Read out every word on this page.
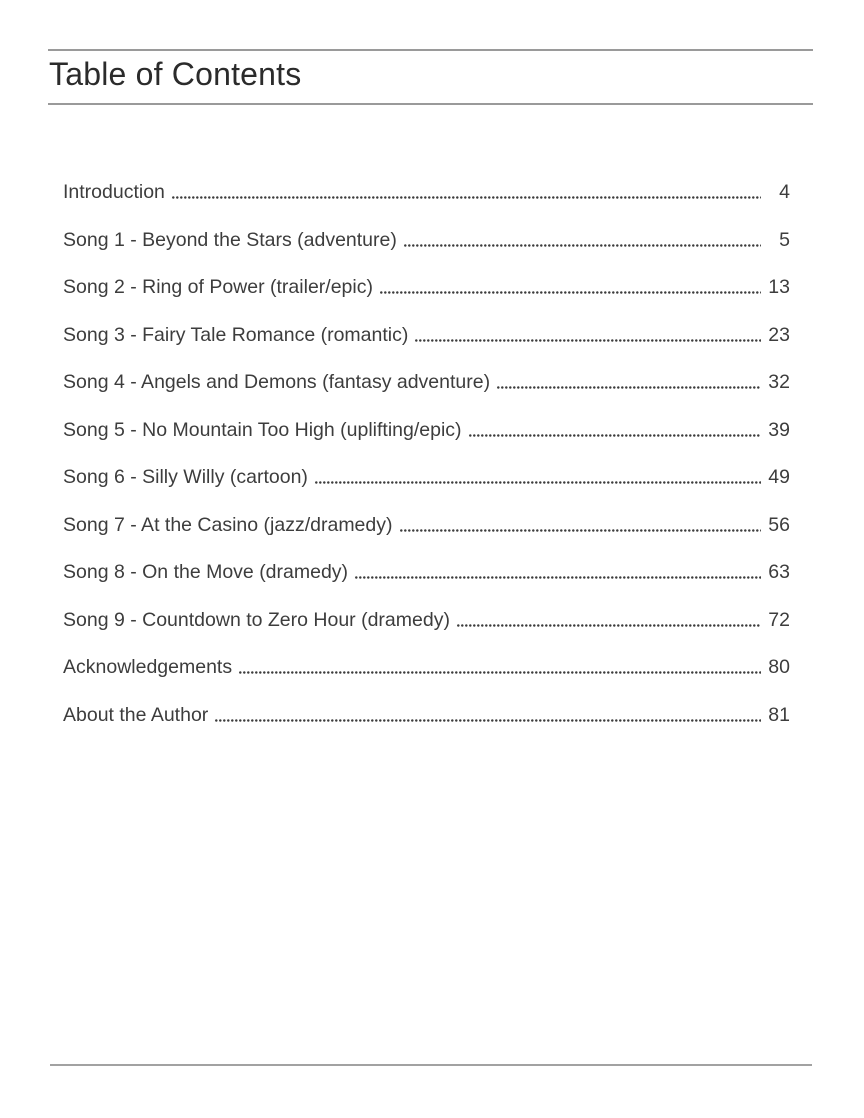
Table of Contents
Introduction	4
Song 1 - Beyond the Stars (adventure)	5
Song 2 - Ring of Power (trailer/epic)	13
Song 3 - Fairy Tale Romance (romantic)	23
Song 4 - Angels and Demons (fantasy adventure)	32
Song 5 - No Mountain Too High (uplifting/epic)	39
Song 6 - Silly Willy (cartoon)	49
Song 7 - At the Casino (jazz/dramedy)	56
Song 8 - On the Move (dramedy)	63
Song 9 - Countdown to Zero Hour (dramedy)	72
Acknowledgements	80
About the Author	81
